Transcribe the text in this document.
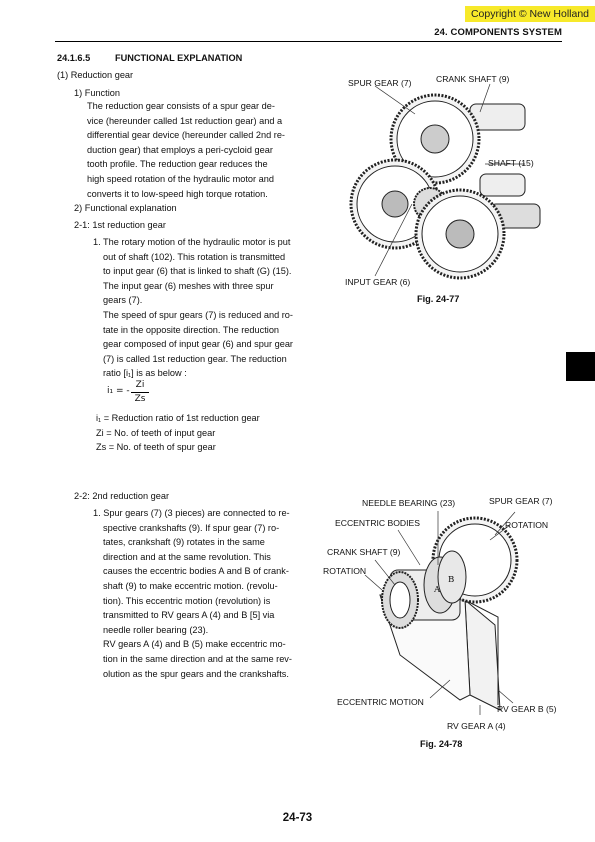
Copyright © New Holland
24. COMPONENTS SYSTEM
24.1.6.5	FUNCTIONAL EXPLANATION
(1) Reduction gear
1) Function
The reduction gear consists of a spur gear de-
vice (hereunder called 1st reduction gear) and a
differential gear device (hereunder called 2nd re-
duction gear) that employs a peri-cycloid gear
tooth profile. The reduction gear reduces the
high speed rotation of the hydraulic motor and
converts it to low-speed high torque rotation.
2) Functional explanation
2-1: 1st reduction gear
1. The rotary motion of the hydraulic motor is put
out of shaft (102). This rotation is transmitted
to input gear (6) that is linked to shaft (G) (15).
The input gear (6) meshes with three spur
gears (7).
The speed of spur gears (7) is reduced and ro-
tate in the opposite direction. The reduction
gear composed of input gear (6) and spur gear
(7) is called 1st reduction gear. The reduction
ratio [i₁] is as below :
i₁ = -
Zi
Zs
i₁ = Reduction ratio of 1st reduction gear
Zi = No. of teeth of input gear
Zs = No. of teeth of spur gear
2-2: 2nd reduction gear
1. Spur gears (7) (3 pieces) are connected to re-
spective crankshafts (9). If spur gear (7) ro-
tates, crankshaft (9) rotates in the same
direction and at the same revolution. This
causes the eccentric bodies A and B of crank-
shaft (9) to make eccentric motion. (revolu-
tion). This eccentric motion (revolution) is
transmitted to RV gears A (4) and B [5] via
needle roller bearing (23).
RV gears A (4) and B (5) make eccentric mo-
tion in the same direction and at the same rev-
olution as the spur gears and the crankshafts.
SPUR GEAR (7)	CRANK SHAFT (9)
SHAFT (15)
INPUT GEAR (6)
Fig. 24-77
A
B
NEEDLE BEARING (23)	SPUR GEAR (7)
ECCENTRIC BODIES	ROTATION
CRANK SHAFT (9)
ROTATION
ECCENTRIC MOTION
RV GEAR B (5)
RV GEAR A (4)
Fig. 24-78
24-73
